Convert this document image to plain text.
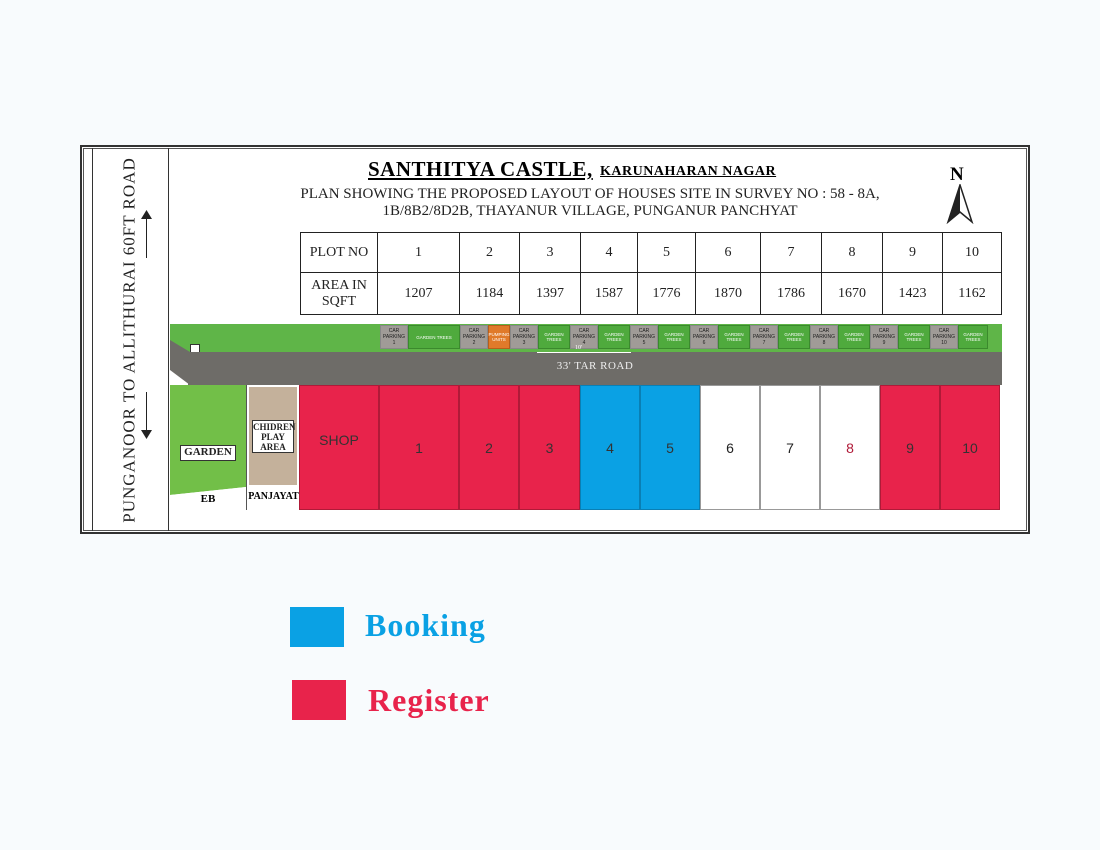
PUNGANOOR TO ALLITHURAI 60FT ROAD	SANTHITYA CASTLE, KARUNAHARAN NAGAR
PLAN SHOWING THE PROPOSED LAYOUT OF HOUSES SITE IN SURVEY NO : 58 - 8A,
1B/8B2/8D2B, THAYANUR VILLAGE, PUNGANUR PANCHYAT
N
PLOT NO	1	2	3	4	5	6	7	8	9	10

AREA IN
SQFT	1207	1184	1397	1587	1776	1870	1786	1670	1423	1162
CAR PARKING 1
GARDEN TREES
CAR PARKING 2
PUMPING UNITS
CAR PARKING 3
GARDEN TREES
CAR PARKING 4
GARDEN TREES
CAR PARKING 5
GARDEN TREES
CAR PARKING 6
GARDEN TREES
CAR PARKING 7
GARDEN TREES
CAR PARKING 8
GARDEN TREES
CAR PARKING 9
GARDEN TREES
CAR PARKING 10
GARDEN TREES
33' TAR ROAD
10'
GARDEN
EB
CHIDREN
PLAY
AREA
PANJAYAT
SHOP	1	2	3	4	5	6	7	8	9	10
Booking
Register
